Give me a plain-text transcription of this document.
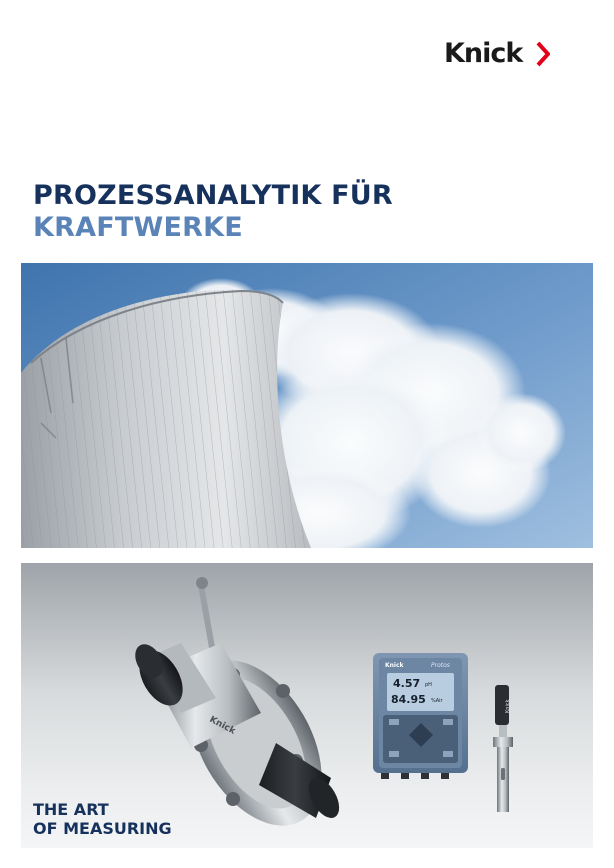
Knick
PROZESSANALYTIK FÜR
KRAFTWERKE
Knick
Knick	Protos
4.57 pH
84.95 %Air	Knick
THE ART
OF MEASURING
